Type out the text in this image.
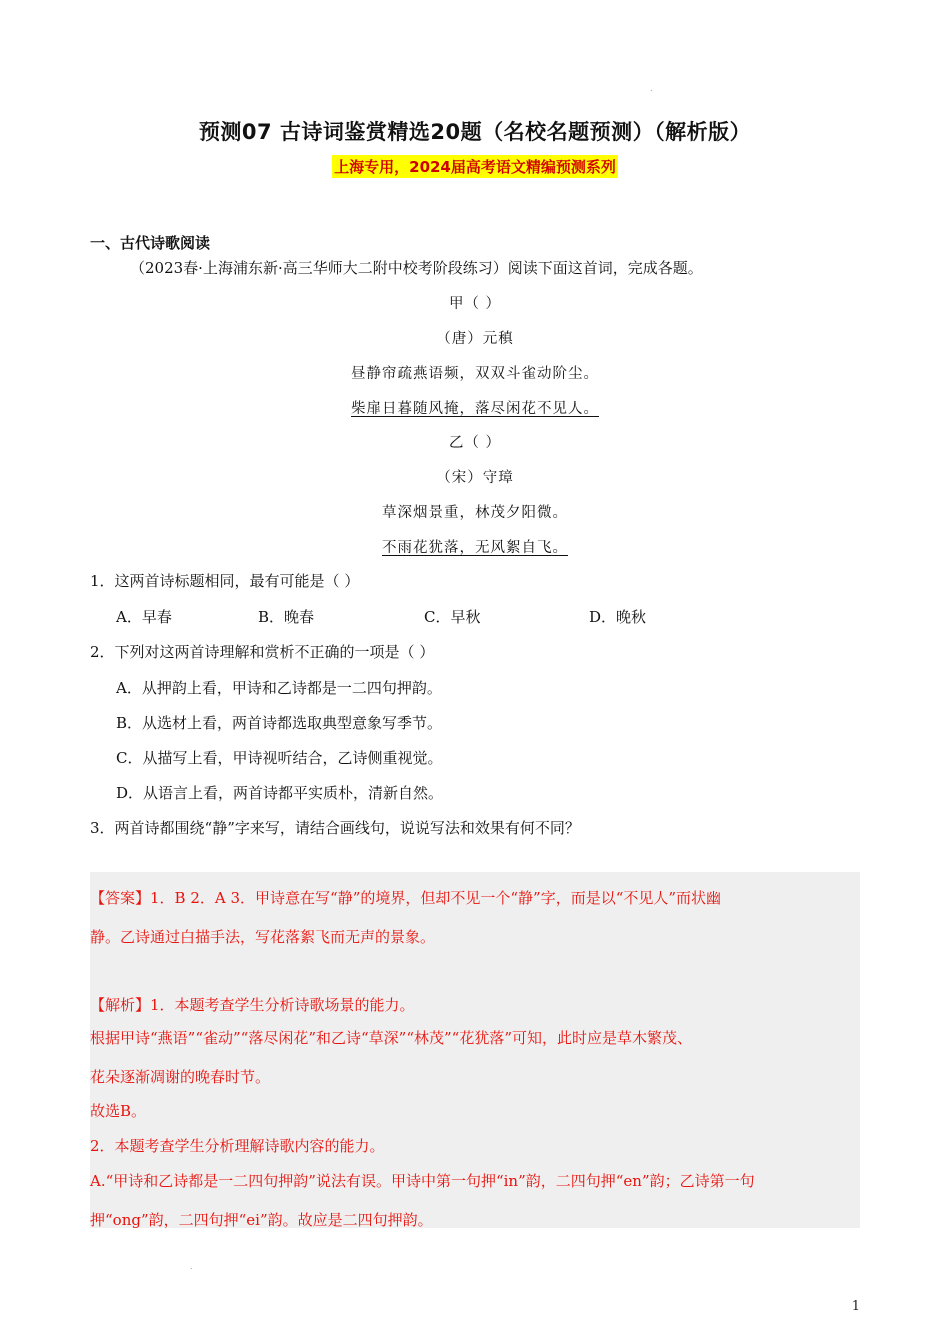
.
预测07 古诗词鉴赏精选20题（名校名题预测）（解析版）
上海专用，2024届高考语文精编预测系列
一、古代诗歌阅读
（2023春·上海浦东新·高三华师大二附中校考阶段练习）阅读下面这首词，完成各题。
甲（ ）
（唐）元稹
昼静帘疏燕语频，双双斗雀动阶尘。
柴扉日暮随风掩，落尽闲花不见人。
乙（ ）
（宋）守璋
草深烟景重，林茂夕阳微。
不雨花犹落，无风絮自飞。
1．这两首诗标题相同，最有可能是（ ）
A．早春	B．晚春	C．早秋	D．晚秋
2．下列对这两首诗理解和赏析不正确的一项是（ ）
A．从押韵上看，甲诗和乙诗都是一二四句押韵。
B．从选材上看，两首诗都选取典型意象写季节。
C．从描写上看，甲诗视听结合，乙诗侧重视觉。
D．从语言上看，两首诗都平实质朴，清新自然。
3．两首诗都围绕“静”字来写，请结合画线句，说说写法和效果有何不同？
【答案】1．B 2．A 3．甲诗意在写“静”的境界，但却不见一个“静”字，而是以“不见人”而状幽
静。乙诗通过白描手法，写花落絮飞而无声的景象。
【解析】1．本题考查学生分析诗歌场景的能力。
根据甲诗“燕语”“雀动”“落尽闲花”和乙诗“草深”“林茂”“花犹落”可知，此时应是草木繁茂、
花朵逐渐凋谢的晚春时节。
故选B。
2．本题考查学生分析理解诗歌内容的能力。
A.“甲诗和乙诗都是一二四句押韵”说法有误。甲诗中第一句押“in”韵，二四句押“en”韵；乙诗第一句
押“ong”韵，二四句押“ei”韵。故应是二四句押韵。
.
1
